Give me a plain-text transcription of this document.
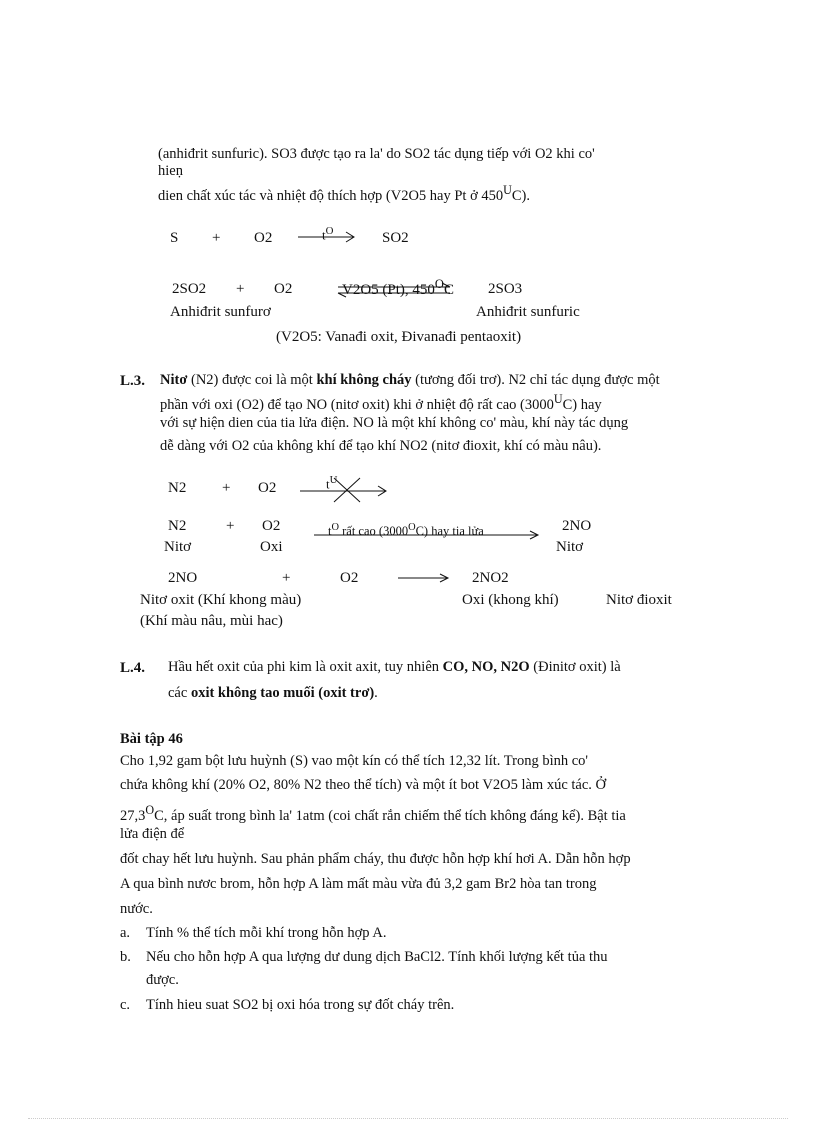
(anhiđrit sunfuric). SO3 được tạo ra la' do SO2 tác dụng tiếp với O2 khi co'
hieṇ
dien chất xúc tác và nhiệt độ thích hợp (V2O5 hay Pt ở $450^UC$).
S + O2	$t^O$	SO2
2SO2 + O2	V2O5 (Pt), $450^OC$ 2SO3
Anhiđrit sunfurơ	Anhiđrit sunfuric
(V2O5: Vanađi oxit, Đivanađi pentaoxit)
L.3. Nitơ (N2) được coi là một khí không cháy (tương đối trơ). N2 chỉ tác dụng được một
phần với oxi (O2) để tạo NO (nitơ oxit) khi ở nhiệt độ rất cao $(3000^UC)$ hay
với sự hiện dien của tia lửa điện. NO là một khí không co' màu, khí này tác dụng
dễ dàng với O2 của không khí để tạo khí NO2 (nitơ đioxit, khí có màu nâu).
N2 + O2	$t^U$
N2	+ O2	$t^O$ rất cao $(3000^OC)$ hay tia lửa	2NO
Nitơ	Oxi	Nitơ
2NO	+	O2	2NO2
Nitơ oxit (Khí khong màu)	Oxi (khong khí)	Nitơ đioxit
(Khí màu nâu, mùi hac)
L.4. Hầu hết oxit của phi kim là oxit axit, tuy nhiên CO, NO, N2O (Đinitơ oxit) là
các oxit không tao muối (oxit trơ).
Bài tập 46
Cho 1,92 gam bột lưu huỳnh (S) vao một kín có thể tích 12,32 lít. Trong bình co'
chứa không khí (20% O2, 80% N2 theo thể tích) và một ít bot V2O5 làm xúc tác. Ở
$27,3^OC$, áp suất trong bình la' 1atm (coi chất rắn chiếm thể tích không đáng kể). Bật tia
lửa điện để
đốt chay hết lưu huỳnh. Sau phản phẩm cháy, thu được hỗn hợp khí hơi A. Dẫn hỗn hợp
A qua bình nươc brom, hỗn hợp A làm mất màu vừa đủ 3,2 gam Br2 hòa tan trong
nước.
a. Tính % thể tích mỗi khí trong hỗn hợp A.
b. Nếu cho hỗn hợp A qua lượng dư dung dịch BaCl2. Tính khối lượng kết tủa thu
được.
c. Tính hieu suat SO2 bị oxi hóa trong sự đốt cháy trên.
